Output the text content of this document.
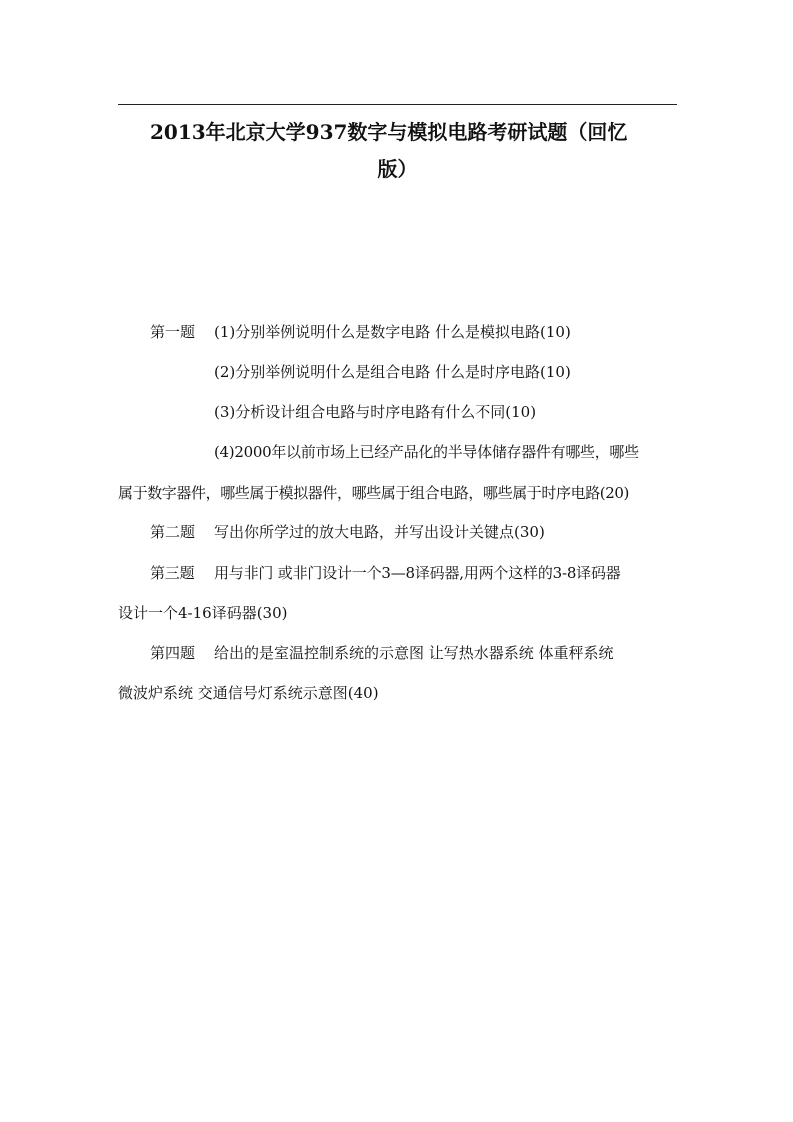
2013年北京大学937数字与模拟电路考研试题（回忆
版）
第一题 (1)分别举例说明什么是数字电路 什么是模拟电路(10)
(2)分别举例说明什么是组合电路 什么是时序电路(10)
(3)分析设计组合电路与时序电路有什么不同(10)
(4)2000年以前市场上已经产品化的半导体储存器件有哪些，哪些
属于数字器件，哪些属于模拟器件，哪些属于组合电路，哪些属于时序电路(20)
第二题 写出你所学过的放大电路，并写出设计关键点(30)
第三题 用与非门 或非门设计一个3—8译码器,用两个这样的3-8译码器
设计一个4-16译码器(30)
第四题 给出的是室温控制系统的示意图 让写热水器系统 体重秤系统
微波炉系统 交通信号灯系统示意图(40)
